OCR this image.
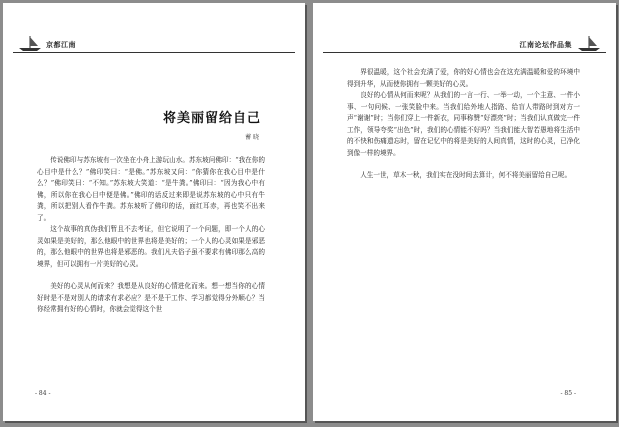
京都江南
将美丽留给自己
蓄 晓

传说佛印与苏东坡有一次坐在小舟上游玩山水。苏东坡问佛印：“我在你的心目中是什么？”佛印笑曰：“是佛。”苏东坡又问：“你猜你在我心目中是什么？”佛印笑曰：“不知。”苏东坡大笑道：“是牛粪。”佛印曰：“因为我心中有佛，所以你在我心目中便是佛。”佛印的话反过来即是说苏东坡的心中只有牛粪，所以把别人看作牛粪。苏东坡听了佛印的话，面红耳赤，再也笑不出来了。

这个故事的真伪我们暂且不去考证，但它说明了一个问题，即一个人的心灵如果是美好的，那么他眼中的世界也将是美好的；一个人的心灵如果是邪恶的，那么他眼中的世界也将是邪恶的。我们凡夫俗子虽不要求有佛印那么高的境界，但可以拥有一片美好的心灵。

美好的心灵从何而来？我想是从良好的心情进化而来。想一想当你的心情好时是不是对别人的请求有求必应？是不是干工作、学习都觉得分外顺心？当你经常拥有好的心情时，你就会觉得这个世

- 84 -
江南论坛作品集

界很温暖，这个社会充满了爱，你的好心情也会在这充满温暖和爱的环境中得到升华，从而使你拥有一颗美好的心灵。

良好的心情从何而来呢？从我们的一言一行、一举一动，一个主意、一件小事、一句问候、一张笑脸中来。当我们给外地人指路、给盲人带路时到对方一声“谢谢”时；当你们穿上一件新衣，同事称赞“好漂亮”时；当我们认真做完一件工作，领导夸奖“出色”时，我们的心情能不好吗？当我们能大智若愚地将生活中的不快和伤痛遗忘时，留在记忆中的将是美好的人间真情，这时的心灵，已净化到像一样的境界。

人生一世，草木一秋，我们实在没时间去算计，何不将美丽留给自己呢。

- 85 -
